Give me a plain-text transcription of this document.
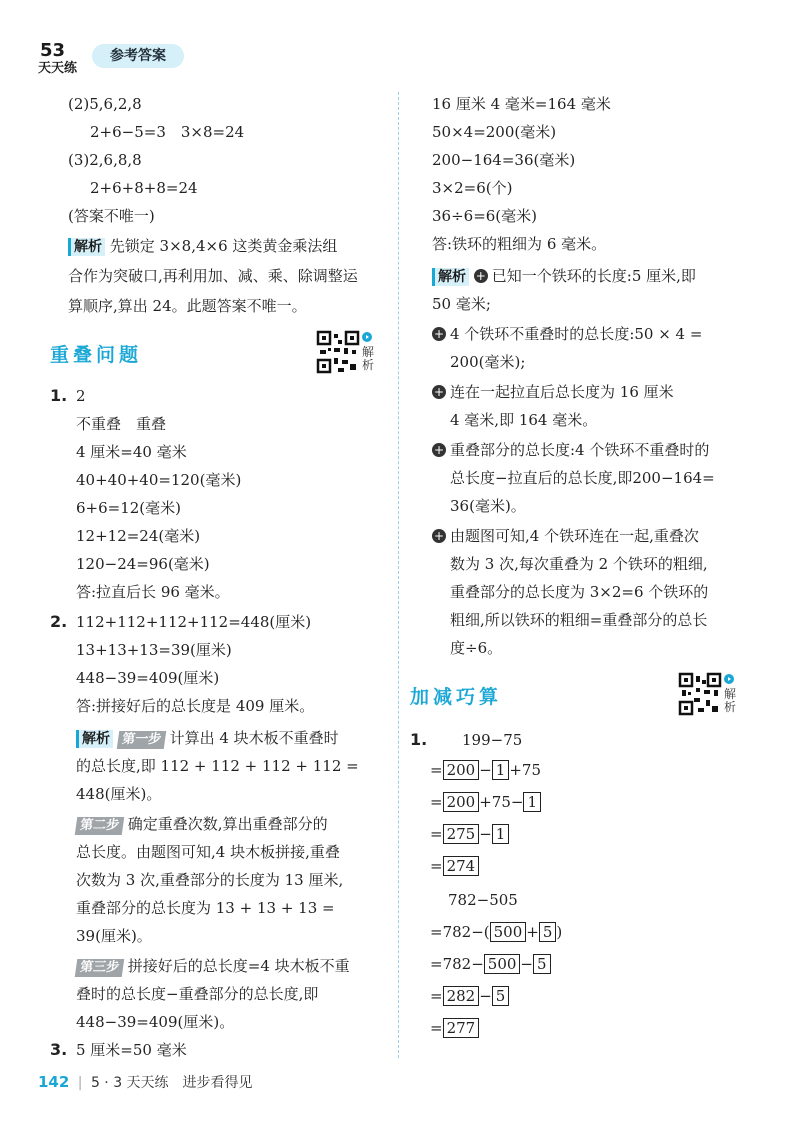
53
天天练
参考答案
(2)5,6,2,8
2+6−5=3　3×8=24
(3)2,6,8,8
2+6+8+8=24
(答案不唯一)
解析 先锁定 3×8,4×6 这类黄金乘法组
合作为突破口,再利用加、减、乘、除调整运
算顺序,算出 24。此题答案不唯一。
重叠问题	解析
1. 2
不重叠　重叠
4 厘米=40 毫米
40+40+40=120(毫米)
6+6=12(毫米)
12+12=24(毫米)
120−24=96(毫米)
答:拉直后长 96 毫米。
2. 112+112+112+112=448(厘米)
13+13+13=39(厘米)
448−39=409(厘米)
答:拼接好后的总长度是 409 厘米。
解析 第一步 计算出 4 块木板不重叠时
的总长度,即 112 + 112 + 112 + 112 =
448(厘米)。
第二步 确定重叠次数,算出重叠部分的
总长度。由题图可知,4 块木板拼接,重叠
次数为 3 次,重叠部分的长度为 13 厘米,
重叠部分的总长度为 13 + 13 + 13 =
39(厘米)。
第三步 拼接好后的总长度=4 块木板不重
叠时的总长度−重叠部分的总长度,即
448−39=409(厘米)。
3. 5 厘米=50 毫米
16 厘米 4 毫米=164 毫米
50×4=200(毫米)
200−164=36(毫米)
3×2=6(个)
36÷6=6(毫米)
答:铁环的粗细为 6 毫米。
解析 + 已知一个铁环的长度:5 厘米,即
50 毫米;
+ 4 个铁环不重叠时的总长度:50 × 4 =
200(毫米);
+ 连在一起拉直后总长度为 16 厘米
4 毫米,即 164 毫米。
+ 重叠部分的总长度:4 个铁环不重叠时的
总长度−拉直后的总长度,即200−164=
36(毫米)。
+ 由题图可知,4 个铁环连在一起,重叠次
数为 3 次,每次重叠为 2 个铁环的粗细,
重叠部分的总长度为 3×2=6 个铁环的
粗细,所以铁环的粗细=重叠部分的总长
度÷6。
加减巧算	解析
1. 199−75
= 200 − 1 +75
= 200 +75− 1
= 275 − 1
= 274
782−505
=782−( 500 + 5 )
=782− 500 − 5
= 282 − 5
= 277
142 | 5 · 3 天天练　进步看得见
